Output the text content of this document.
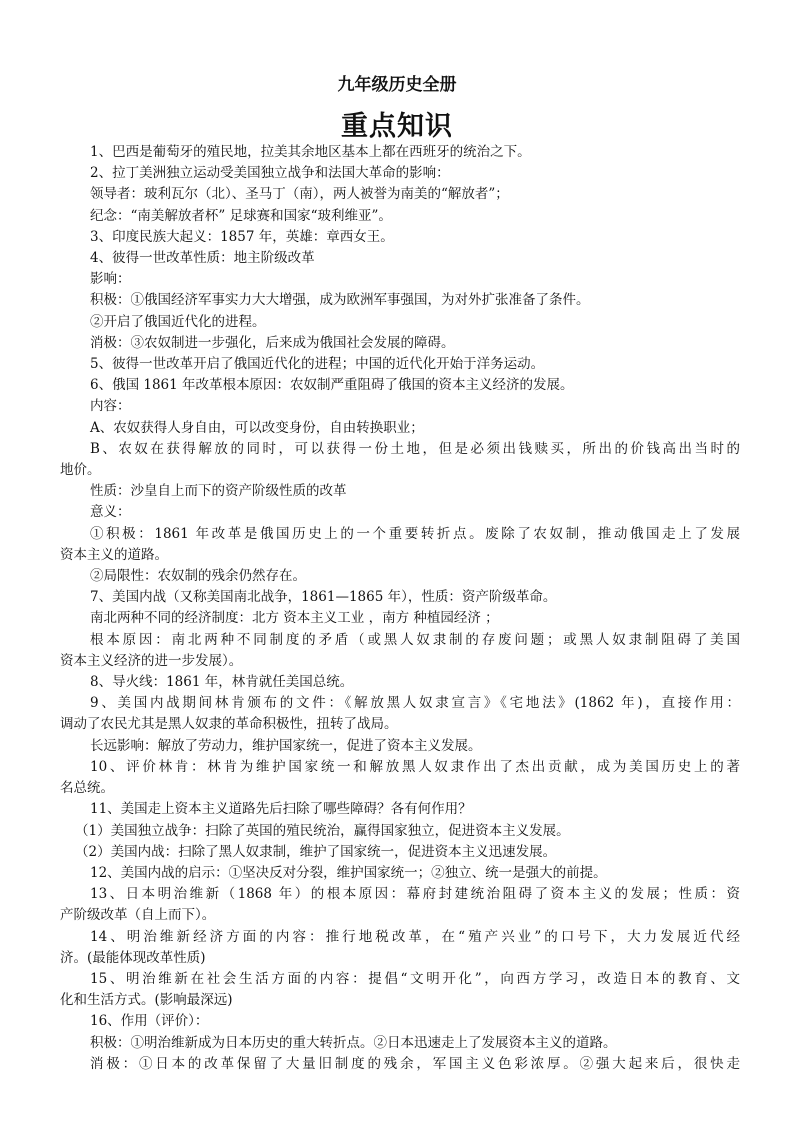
九年级历史全册
重点知识

1、巴西是葡萄牙的殖民地，拉美其余地区基本上都在西班牙的统治之下。

2、拉丁美洲独立运动受美国独立战争和法国大革命的影响：

领导者：玻利瓦尔（北）、圣马丁（南），两人被誉为南美的“解放者”；

纪念：“南美解放者杯” 足球赛和国家“玻利维亚”。

3、印度民族大起义：1857 年，英雄：章西女王。

4、彼得一世改革性质：地主阶级改革

影响：

积极：①俄国经济军事实力大大增强，成为欧洲军事强国，为对外扩张准备了条件。

②开启了俄国近代化的进程。

消极：③农奴制进一步强化，后来成为俄国社会发展的障碍。

5、彼得一世改革开启了俄国近代化的进程；中国的近代化开始于洋务运动。

6、俄国 1861 年改革根本原因：农奴制严重阻碍了俄国的资本主义经济的发展。

内容：

A、农奴获得人身自由，可以改变身份，自由转换职业；

B、农奴在获得解放的同时，可以获得一份土地，但是必须出钱赎买，所出的价钱高出当时的

地价。

性质：沙皇自上而下的资产阶级性质的改革

意义：

①积极：1861 年改革是俄国历史上的一个重要转折点。废除了农奴制，推动俄国走上了发展

资本主义的道路。

②局限性：农奴制的残余仍然存在。

7、美国内战（又称美国南北战争，1861—1865 年），性质：资产阶级革命。

南北两种不同的经济制度：北方 资本主义工业 ，南方 种植园经济 ；

根本原因：南北两种不同制度的矛盾（或黑人奴隶制的存废问题；或黑人奴隶制阻碍了美国

资本主义经济的进一步发展）。

8、导火线：1861 年，林肯就任美国总统。

9、美国内战期间林肯颁布的文件：《解放黑人奴隶宣言》《宅地法》(1862 年)，直接作用：

调动了农民尤其是黑人奴隶的革命积极性，扭转了战局。

长远影响：解放了劳动力，维护国家统一，促进了资本主义发展。

10、评价林肯：林肯为维护国家统一和解放黑人奴隶作出了杰出贡献，成为美国历史上的著

名总统。

11、美国走上资本主义道路先后扫除了哪些障碍？各有何作用？

（1）美国独立战争：扫除了英国的殖民统治，赢得国家独立，促进资本主义发展。

（2）美国内战：扫除了黑人奴隶制，维护了国家统一，促进资本主义迅速发展。

12、美国内战的启示：①坚决反对分裂，维护国家统一；②独立、统一是强大的前提。

13、日本明治维新（1868 年）的根本原因：幕府封建统治阻碍了资本主义的发展；性质：资

产阶级改革（自上而下）。

14、明治维新经济方面的内容：推行地税改革，在“殖产兴业”的口号下，大力发展近代经

济。(最能体现改革性质)

15、明治维新在社会生活方面的内容：提倡“文明开化”，向西方学习，改造日本的教育、文

化和生活方式。(影响最深远)

16、作用（评价）：

积极：①明治维新成为日本历史的重大转折点。②日本迅速走上了发展资本主义的道路。

消极：①日本的改革保留了大量旧制度的残余，军国主义色彩浓厚。②强大起来后，很快走
